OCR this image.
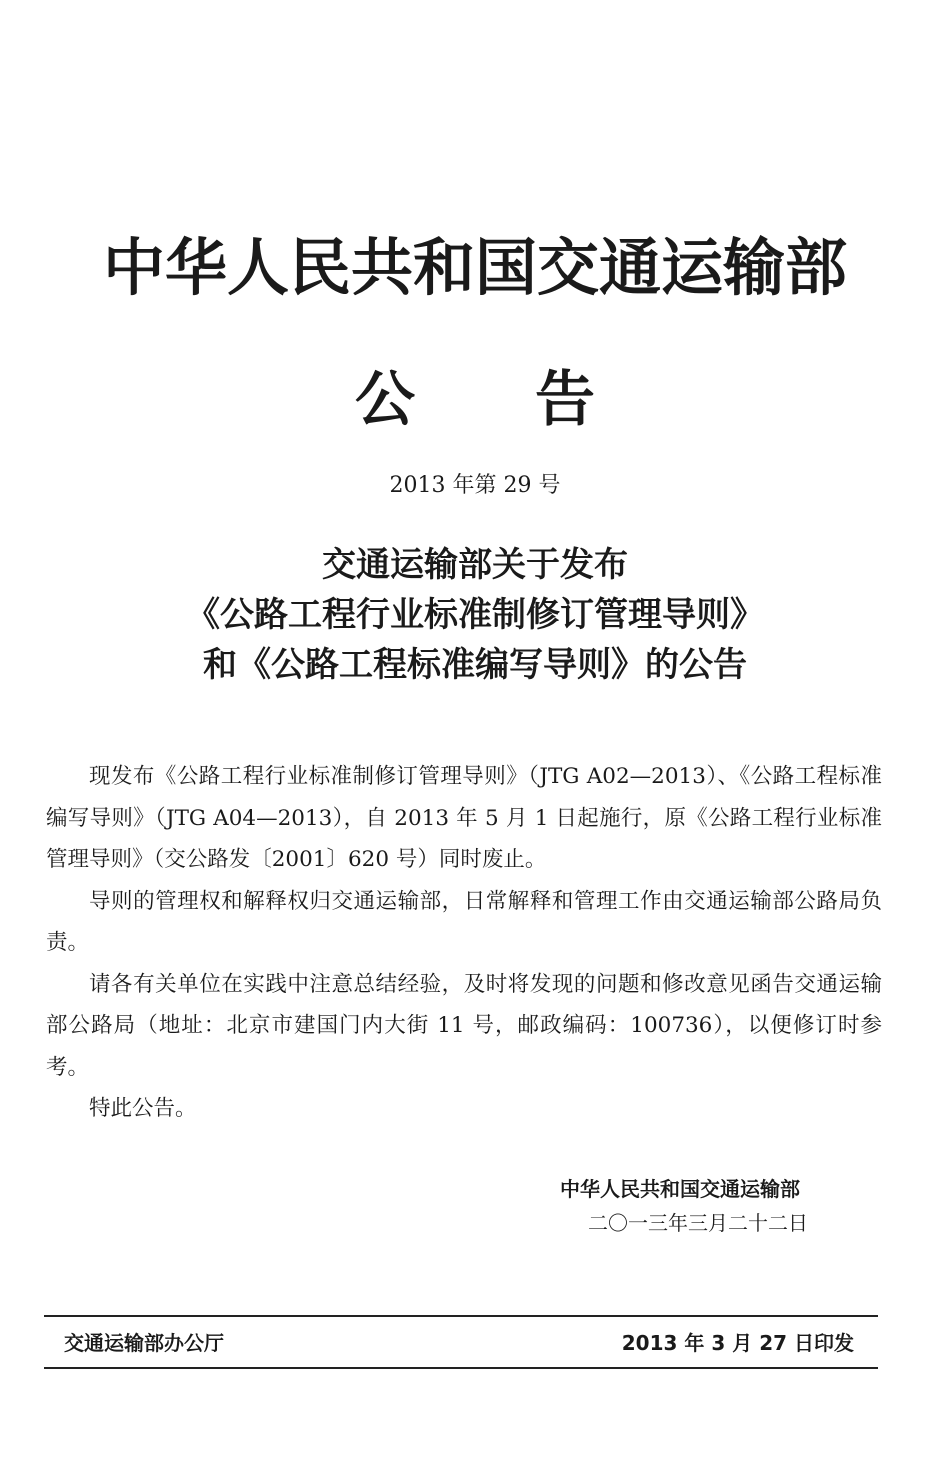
中华人民共和国交通运输部
公 告
2013 年第 29 号
交通运输部关于发布
《公路工程行业标准制修订管理导则》
和《公路工程标准编写导则》的公告

现发布《公路工程行业标准制修订管理导则》（JTG A02—2013）、《公路工程标准编写导则》（JTG A04—2013），自 2013 年 5 月 1 日起施行，原《公路工程行业标准管理导则》（交公路发〔2001〕620 号）同时废止。

导则的管理权和解释权归交通运输部，日常解释和管理工作由交通运输部公路局负责。

请各有关单位在实践中注意总结经验，及时将发现的问题和修改意见函告交通运输部公路局（地址：北京市建国门内大街 11 号，邮政编码：100736），以便修订时参考。

特此公告。

中华人民共和国交通运输部
二〇一三年三月二十二日
交通运输部办公厅	2013 年 3 月 27 日印发
